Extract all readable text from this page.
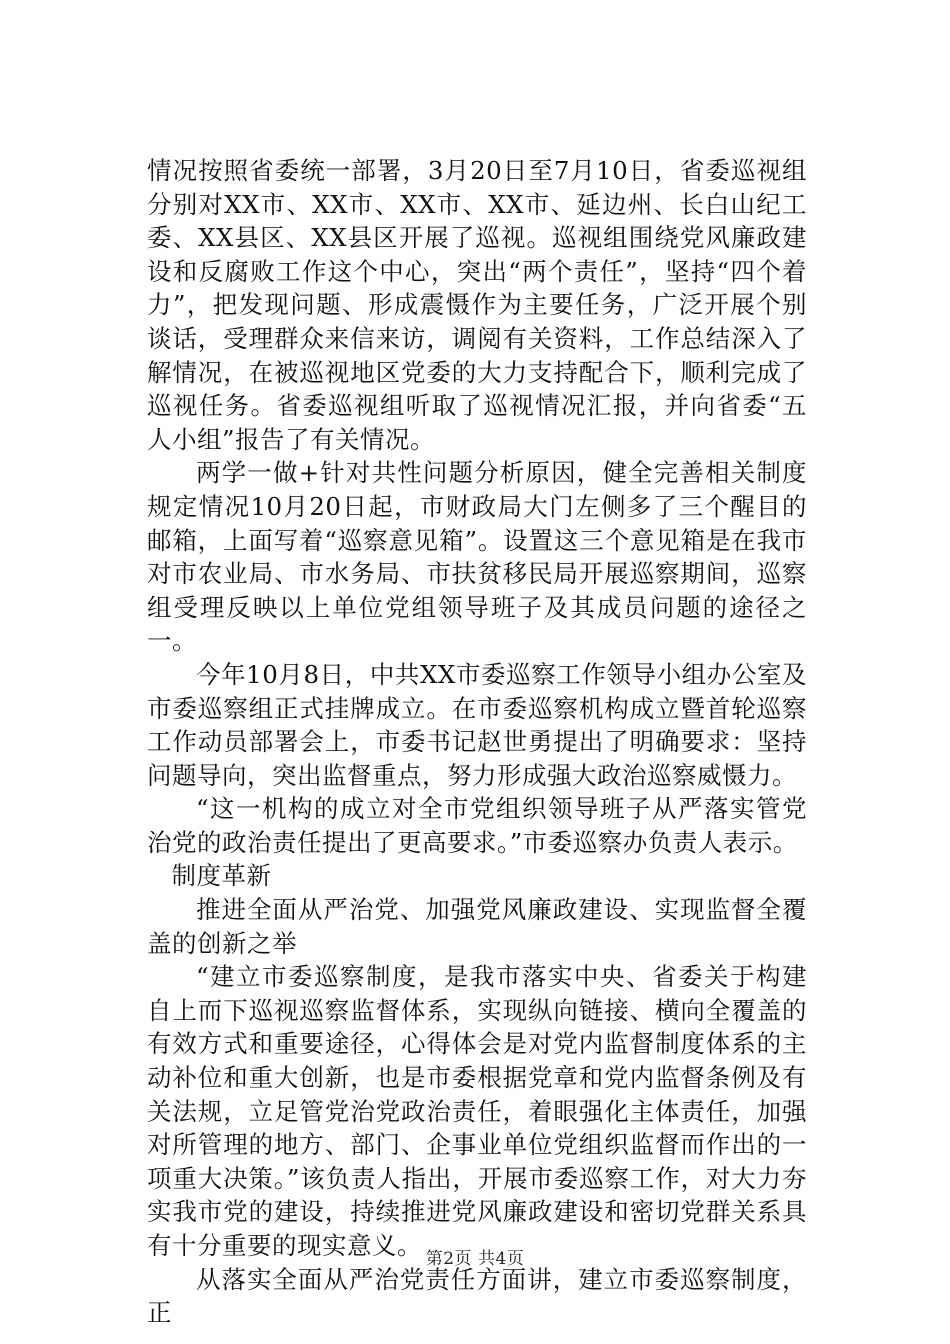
情况按照省委统一部署，3月20日至7月10日，省委巡视组分别对XX市、XX市、XX市、XX市、延边州、长白山纪工委、XX县区、XX县区开展了巡视。巡视组围绕党风廉政建设和反腐败工作这个中心，突出“两个责任”，坚持“四个着力”，把发现问题、形成震慑作为主要任务，广泛开展个别谈话，受理群众来信来访，调阅有关资料，工作总结深入了解情况，在被巡视地区党委的大力支持配合下，顺利完成了巡视任务。省委巡视组听取了巡视情况汇报，并向省委“五人小组”报告了有关情况。

两学一做+针对共性问题分析原因，健全完善相关制度规定情况10月20日起，市财政局大门左侧多了三个醒目的邮箱，上面写着“巡察意见箱”。设置这三个意见箱是在我市对市农业局、市水务局、市扶贫移民局开展巡察期间，巡察组受理反映以上单位党组领导班子及其成员问题的途径之一。

今年10月8日，中共XX市委巡察工作领导小组办公室及市委巡察组正式挂牌成立。在市委巡察机构成立暨首轮巡察工作动员部署会上，市委书记赵世勇提出了明确要求：坚持问题导向，突出监督重点，努力形成强大政治巡察威慑力。

“这一机构的成立对全市党组织领导班子从严落实管党治党的政治责任提出了更高要求。”市委巡察办负责人表示。

制度革新

推进全面从严治党、加强党风廉政建设、实现监督全覆盖的创新之举

“建立市委巡察制度，是我市落实中央、省委关于构建自上而下巡视巡察监督体系，实现纵向链接、横向全覆盖的有效方式和重要途径，心得体会是对党内监督制度体系的主动补位和重大创新，也是市委根据党章和党内监督条例及有关法规，立足管党治党政治责任，着眼强化主体责任，加强对所管理的地方、部门、企事业单位党组织监督而作出的一项重大决策。”该负责人指出，开展市委巡察工作，对大力夯实我市党的建设，持续推进党风廉政建设和密切党群关系具有十分重要的现实意义。

从落实全面从严治党责任方面讲，建立市委巡察制度，正

第2页 共4页
